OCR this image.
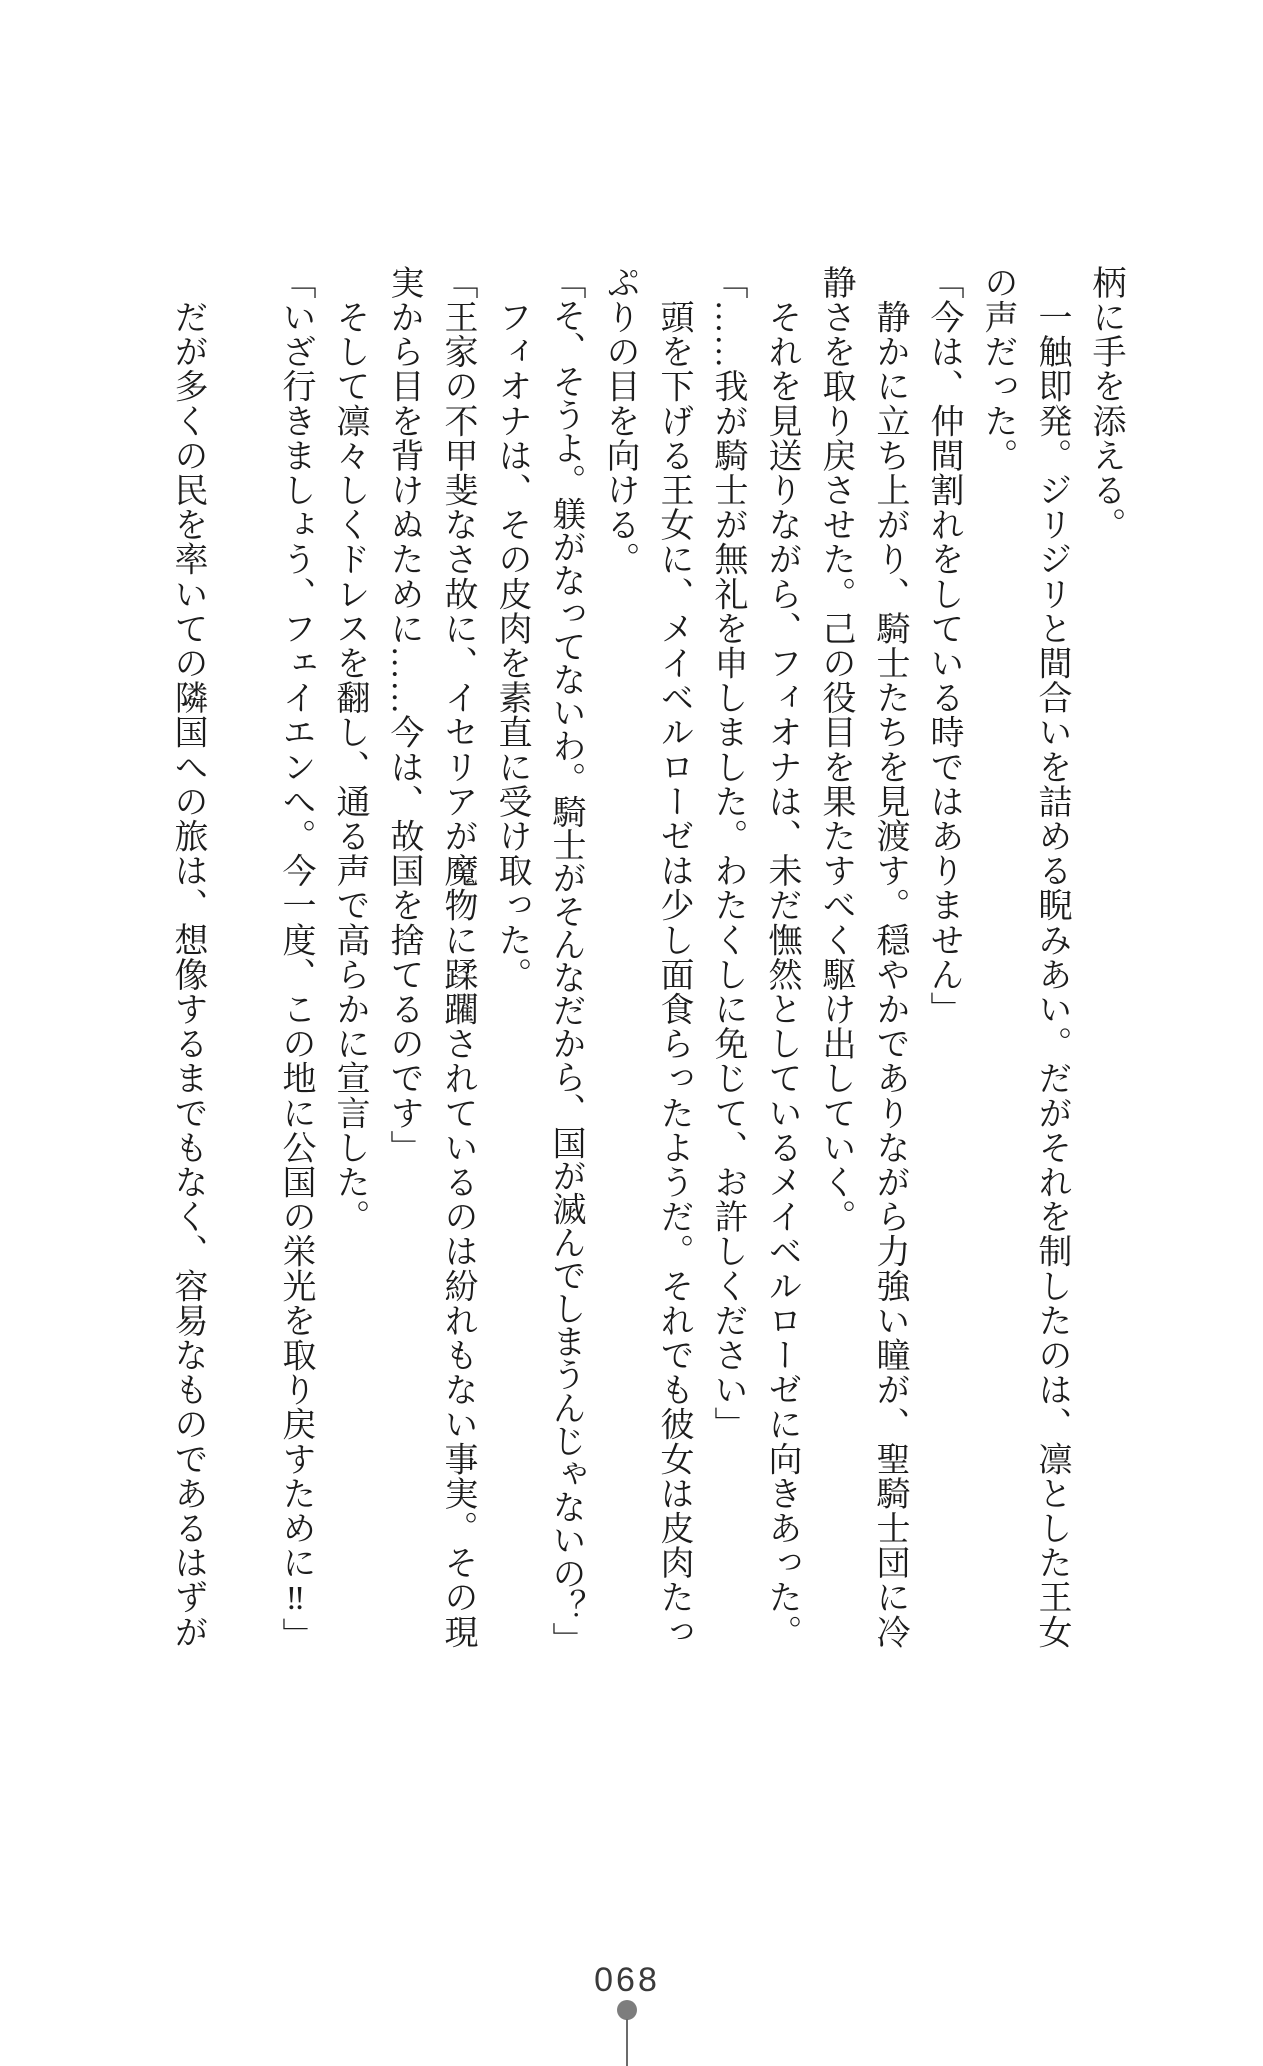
柄に手を添える。
　一触即発。ジリジリと間合いを詰める睨みあい。だがそれを制したのは、凛とした王女
の声だった。
「今は、仲間割れをしている時ではありません」
　静かに立ち上がり、騎士たちを見渡す。穏やかでありながら力強い瞳が、聖騎士団に冷
静さを取り戻させた。己の役目を果たすべく駆け出していく。
　それを見送りながら、フィオナは、未だ憮然としているメイベルローゼに向きあった。
「……我が騎士が無礼を申しました。わたくしに免じて、お許しください」
　頭を下げる王女に、メイベルローゼは少し面食らったようだ。それでも彼女は皮肉たっ
ぷりの目を向ける。
「そ、そうよ。躾がなってないわ。騎士がそんなだから、国が滅んでしまうんじゃないの？」
　フィオナは、その皮肉を素直に受け取った。
「王家の不甲斐なさ故に、イセリアが魔物に蹂躙されているのは紛れもない事実。その現
実から目を背けぬために……今は、故国を捨てるのです」
　そして凛々しくドレスを翻し、通る声で高らかに宣言した。
「いざ行きましょう、フェイエンへ。今一度、この地に公国の栄光を取り戻すために‼」
　だが多くの民を率いての隣国への旅は、想像するまでもなく、容易なものであるはずが
068
